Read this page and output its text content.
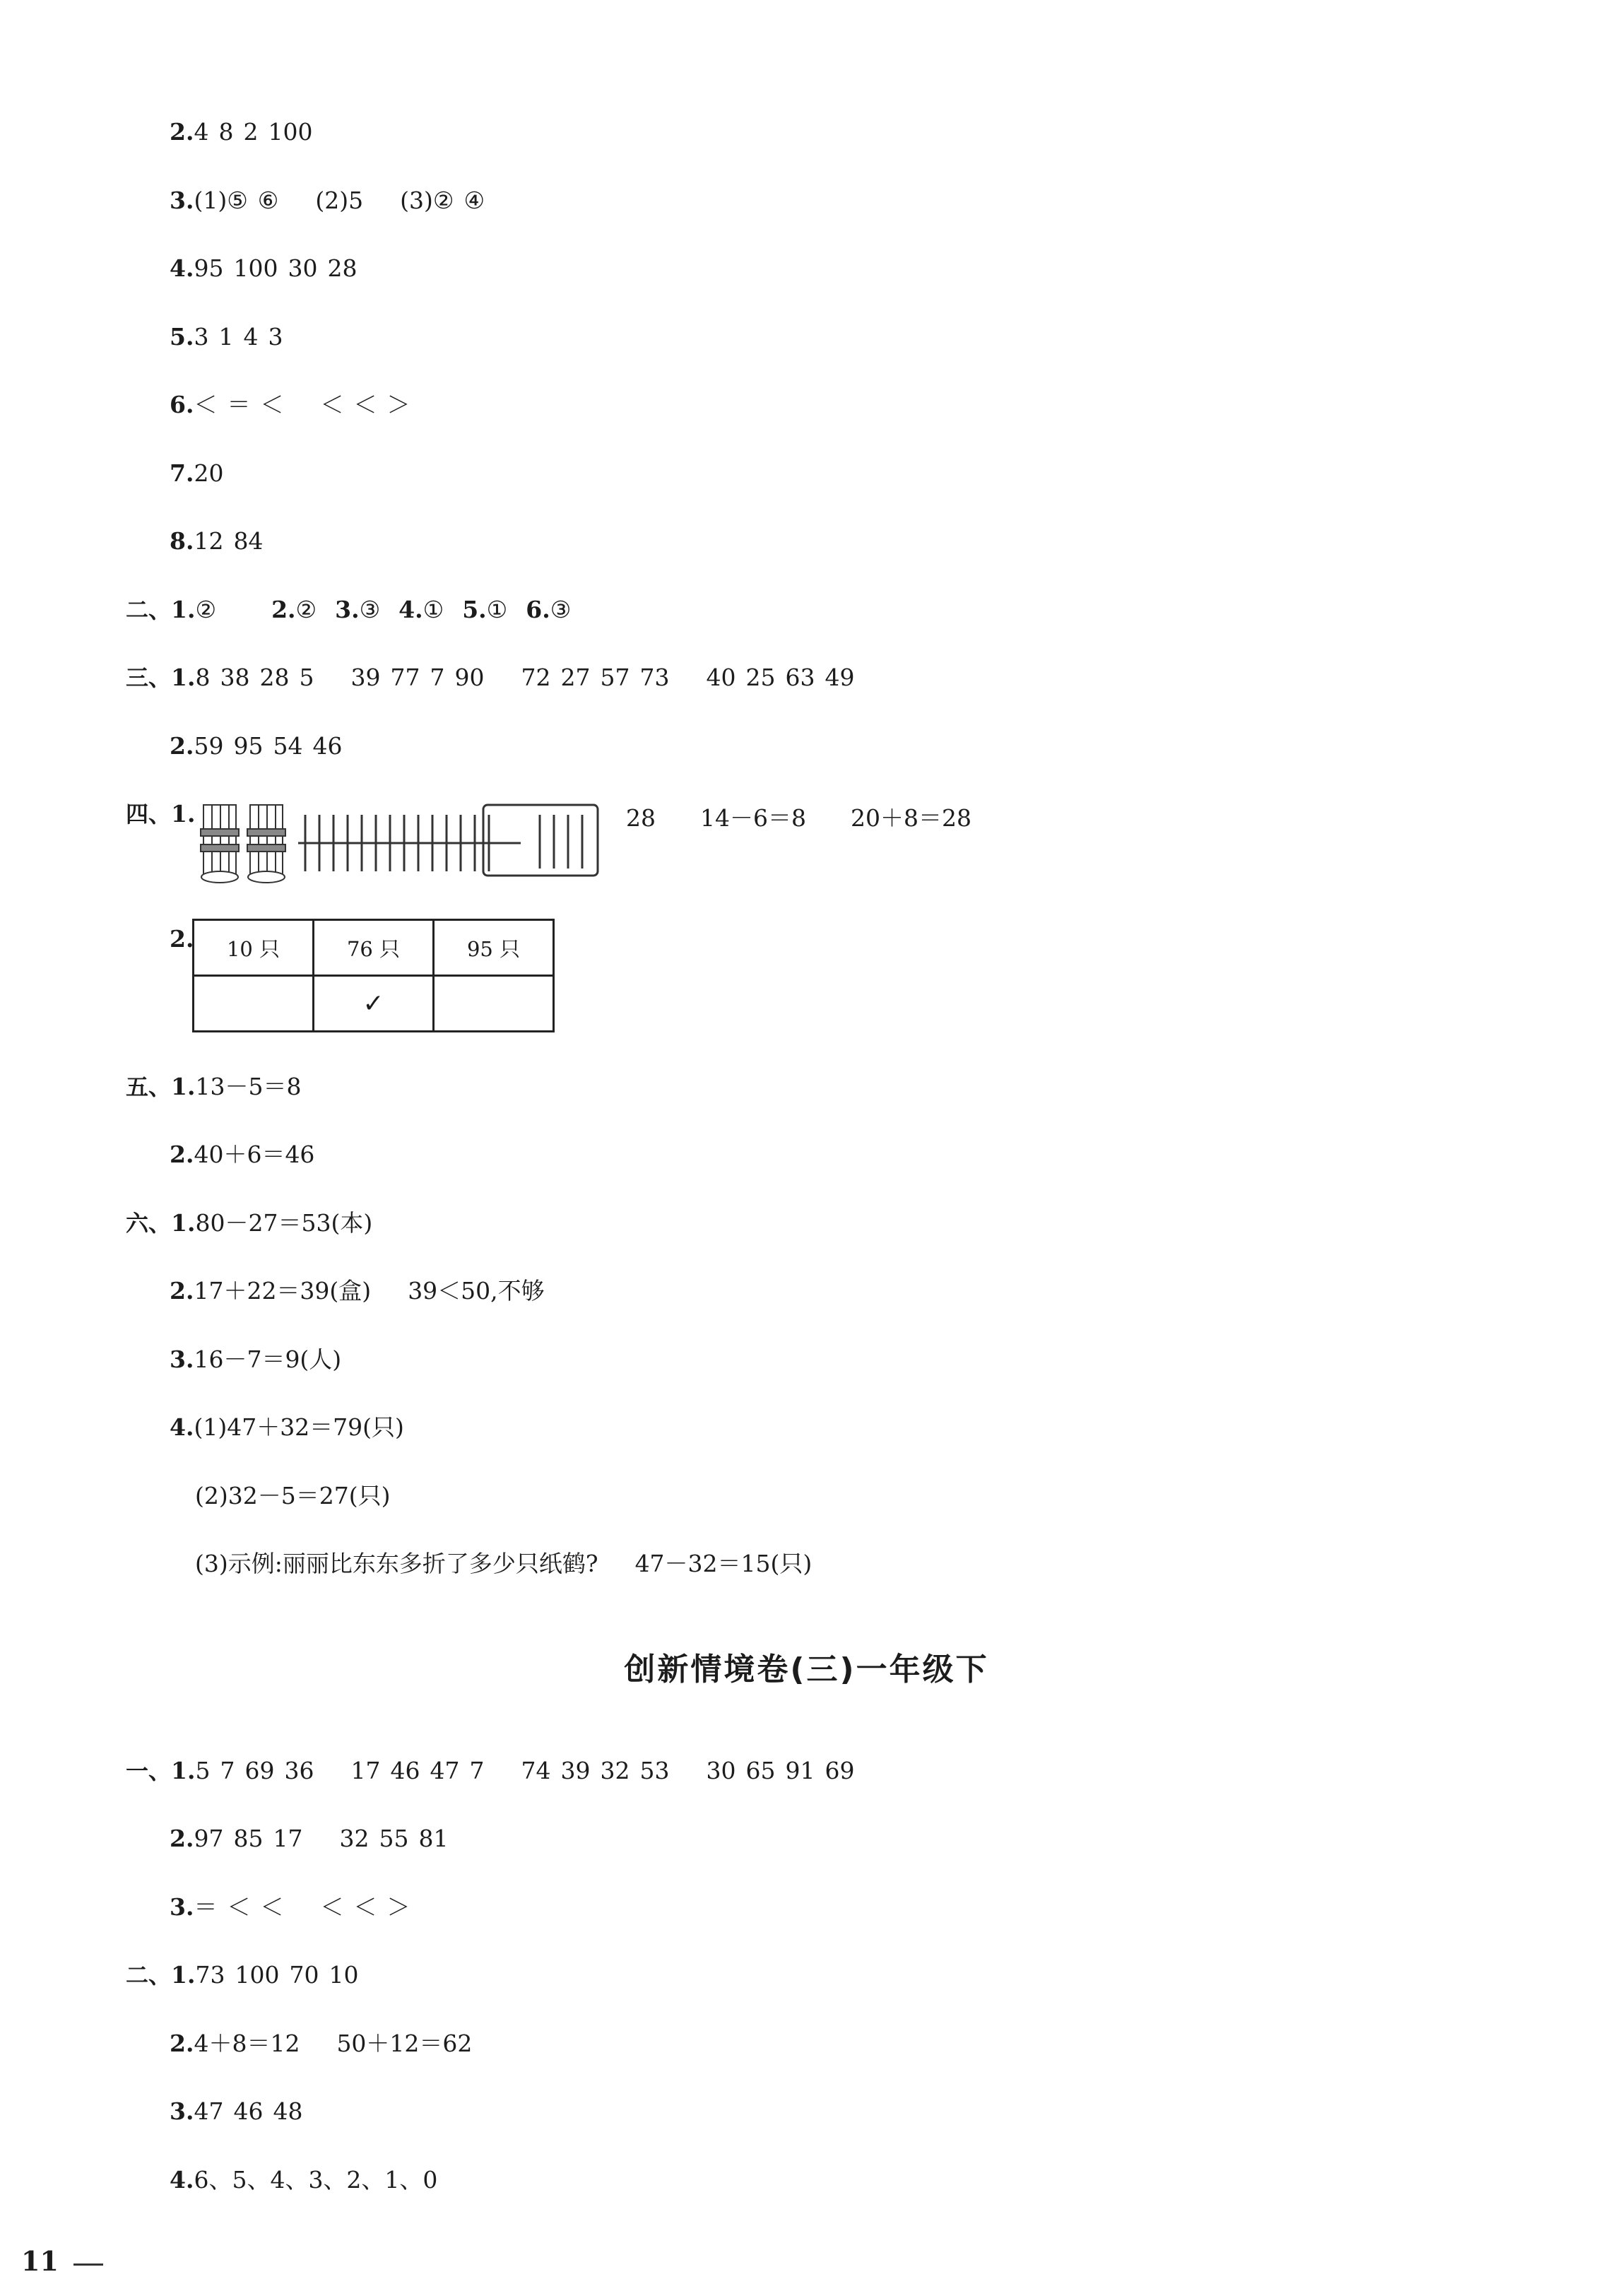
2.4 8 2 100
3.(1)⑤ ⑥ (2)5 (3)② ④
4.95 100 30 28
5.3 1 4 3
6.＜ ＝ ＜ ＜ ＜ ＞
7.20
8.12 84
二、1.② 2.② 3.③ 4.① 5.① 6.③
三、1.8 38 28 5 39 77 7 90 72 27 57 73 40 25 63 49
2.59 95 54 46
四、1.
2.
五、1.13－5＝8
2.40＋6＝46
六、1.80－27＝53(本)
2.17＋22＝39(盒) 39＜50,不够
3.16－7＝9(人)
4.(1)47＋32＝79(只)
(2)32－5＝27(只)
(3)示例:丽丽比东东多折了多少只纸鹤? 47－32＝15(只)
一、1.5 7 69 36 17 46 47 7 74 39 32 53 30 65 91 69
2.97 85 17 32 55 81
3.＝ ＜ ＜ ＜ ＜ ＞
二、1.73 100 70 10
2.4＋8＝12 50＋12＝62
3.47 46 48
4.6、5、4、3、2、1、0
28 14－6＝8 20＋8＝28
10 只	76 只	95 只
	✓	
创新情境卷(三)一年级下
11
